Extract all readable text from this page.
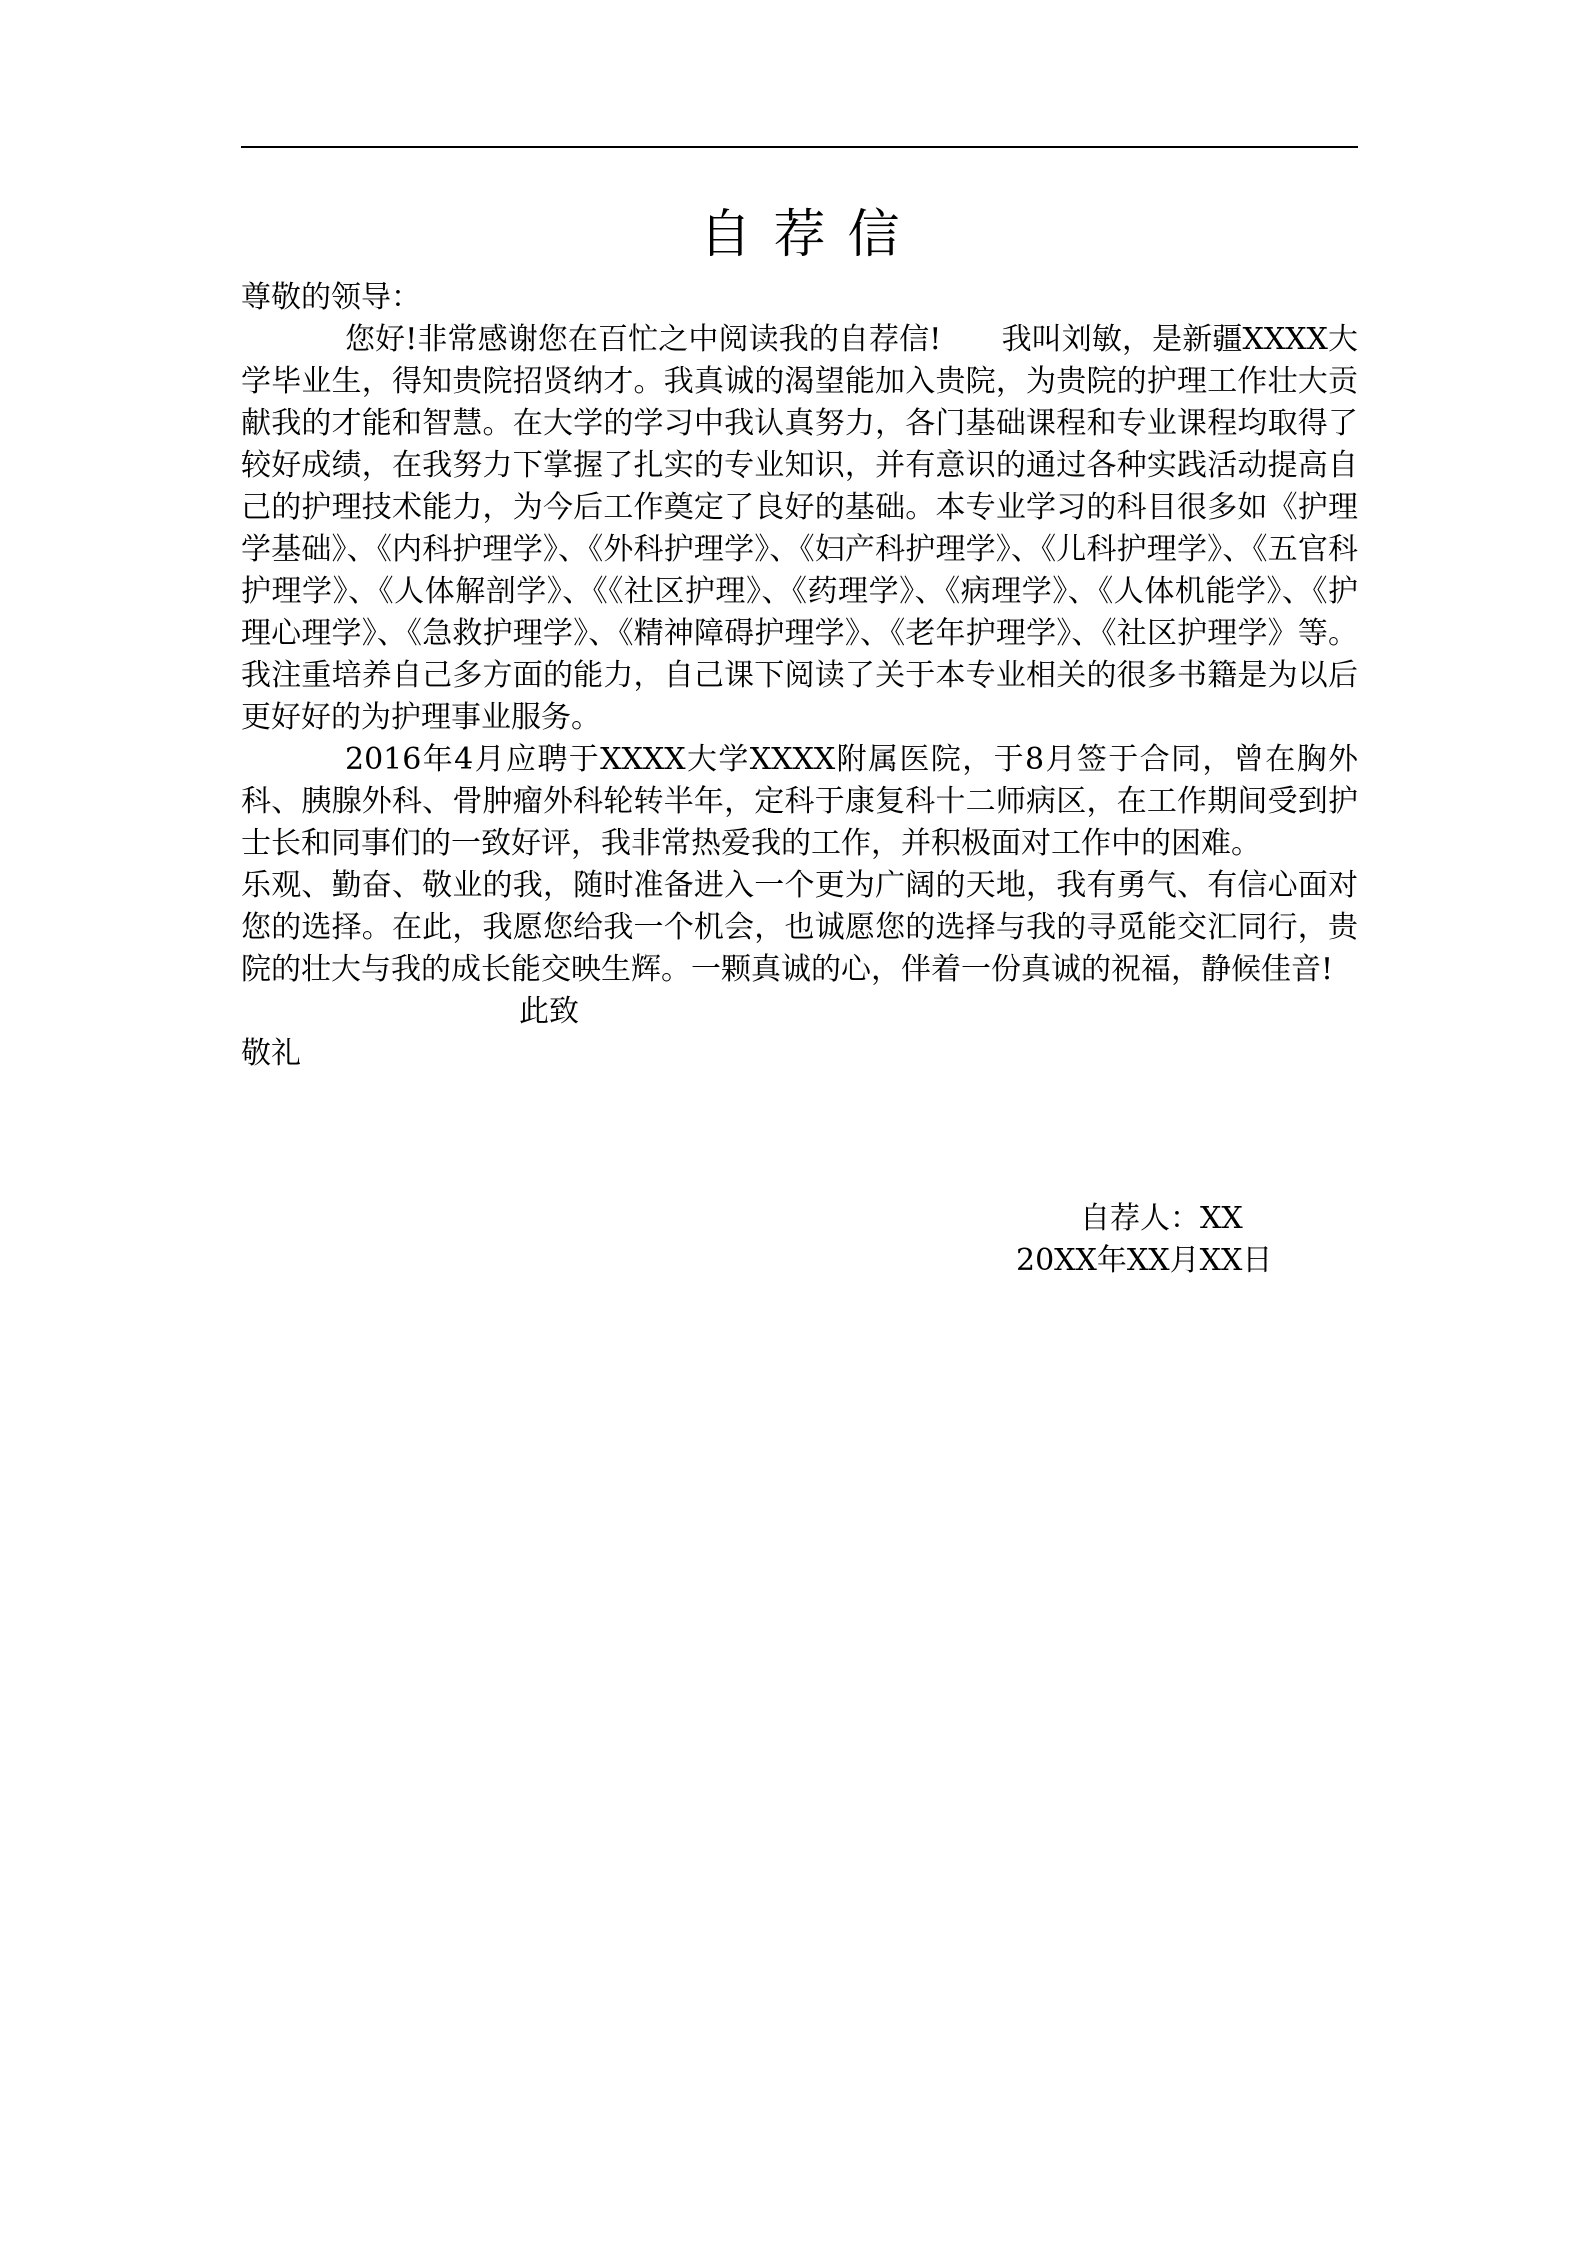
自荐信

尊敬的领导：

您好!非常感谢您在百忙之中阅读我的自荐信!　　我叫刘敏，是新疆XXXX大学毕业生，得知贵院招贤纳才。我真诚的渴望能加入贵院，为贵院的护理工作壮大贡献我的才能和智慧。在大学的学习中我认真努力，各门基础课程和专业课程均取得了较好成绩，在我努力下掌握了扎实的专业知识，并有意识的通过各种实践活动提高自己的护理技术能力，为今后工作奠定了良好的基础。本专业学习的科目很多如《护理学基础》、《内科护理学》、《外科护理学》、《妇产科护理学》、《儿科护理学》、《五官科护理学》、《人体解剖学》、《《社区护理》、《药理学》、《病理学》、《人体机能学》、《护理心理学》、《急救护理学》、《精神障碍护理学》、《老年护理学》、《社区护理学》等。我注重培养自己多方面的能力，自己课下阅读了关于本专业相关的很多书籍是为以后更好好的为护理事业服务。

2016年4月应聘于XXXX大学XXXX附属医院，于8月签于合同，曾在胸外科、胰腺外科、骨肿瘤外科轮转半年，定科于康复科十二师病区，在工作期间受到护士长和同事们的一致好评，我非常热爱我的工作，并积极面对工作中的困难。

乐观、勤奋、敬业的我，随时准备进入一个更为广阔的天地，我有勇气、有信心面对您的选择。在此，我愿您给我一个机会，也诚愿您的选择与我的寻觅能交汇同行，贵院的壮大与我的成长能交映生辉。一颗真诚的心，伴着一份真诚的祝福，静候佳音!

此致

敬礼

自荐人：XX
20XX年XX月XX日
